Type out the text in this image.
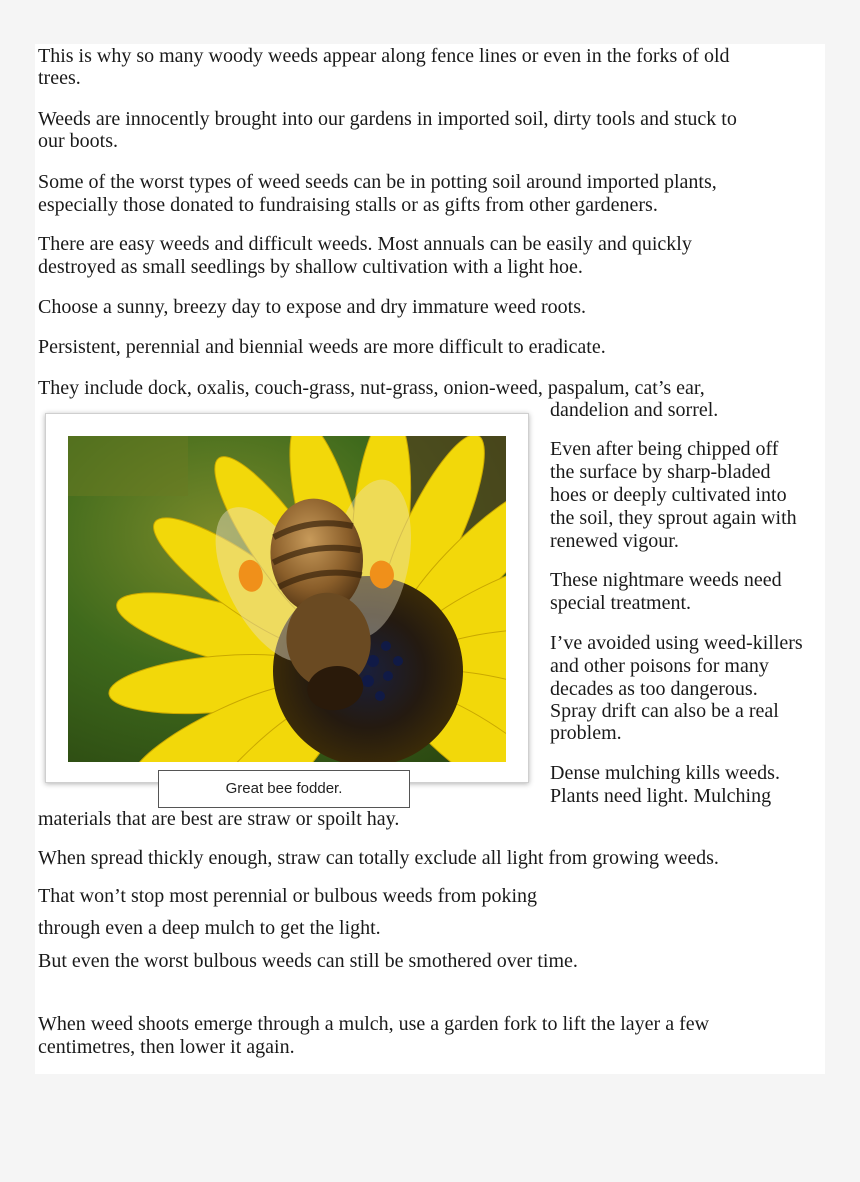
This is why so many woody weeds appear along fence lines or even in the forks of old

trees.

Weeds are innocently brought into our gardens in imported soil, dirty tools and stuck to

our boots.

Some of the worst types of weed seeds can be in potting soil around imported plants,

especially those donated to fundraising stalls or as gifts from other gardeners.

There are easy weeds and difficult weeds. Most annuals can be easily and quickly

destroyed as small seedlings by shallow cultivation with a light hoe.

Choose a sunny, breezy day to expose and dry immature weed roots.

Persistent, perennial and biennial weeds are more difficult to eradicate.

They include dock, oxalis, couch-grass, nut-grass, onion-weed, paspalum, cat’s ear,

dandelion and sorrel.

Great bee fodder.

Even after being chipped off

the surface by sharp-bladed

hoes or deeply cultivated into

the soil, they sprout again with

renewed vigour.

These nightmare weeds need

special treatment.

I’ve avoided using weed-killers

and other poisons for many

decades as too dangerous.

Spray drift can also be a real

problem.

Dense mulching kills weeds.

Plants need light. Mulching

materials that are best are straw or spoilt hay.

When spread thickly enough, straw can totally exclude all light from growing weeds.

That won’t stop most perennial or bulbous weeds from poking

through even a deep mulch to get the light.

But even the worst bulbous weeds can still be smothered over time.

When weed shoots emerge through a mulch, use a garden fork to lift the layer a few

centimetres, then lower it again.
